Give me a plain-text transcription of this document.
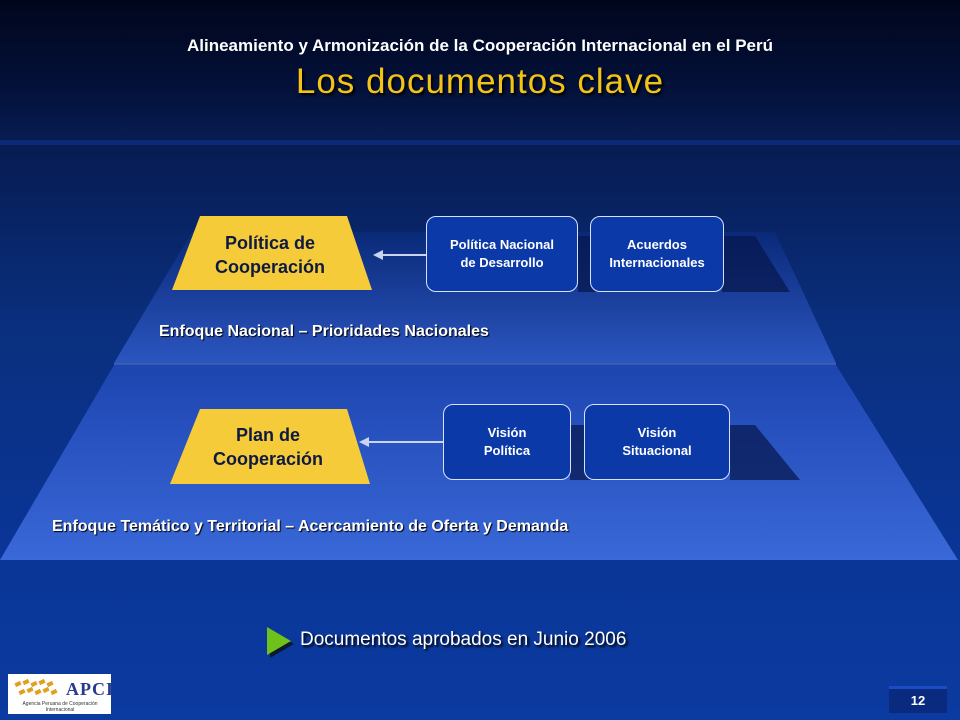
Alineamiento y Armonización de la Cooperación Internacional en el Perú
Los documentos clave
Política de
Cooperación
Plan de
Cooperación
Política Nacional
de Desarrollo
Acuerdos
Internacionales
Visión
Política
Visión
Situacional
Enfoque Nacional – Prioridades Nacionales
Enfoque Temático y Territorial – Acercamiento de Oferta y Demanda
Documentos aprobados en Junio 2006
APCI
Agencia Peruana de Cooperación Internacional
12
